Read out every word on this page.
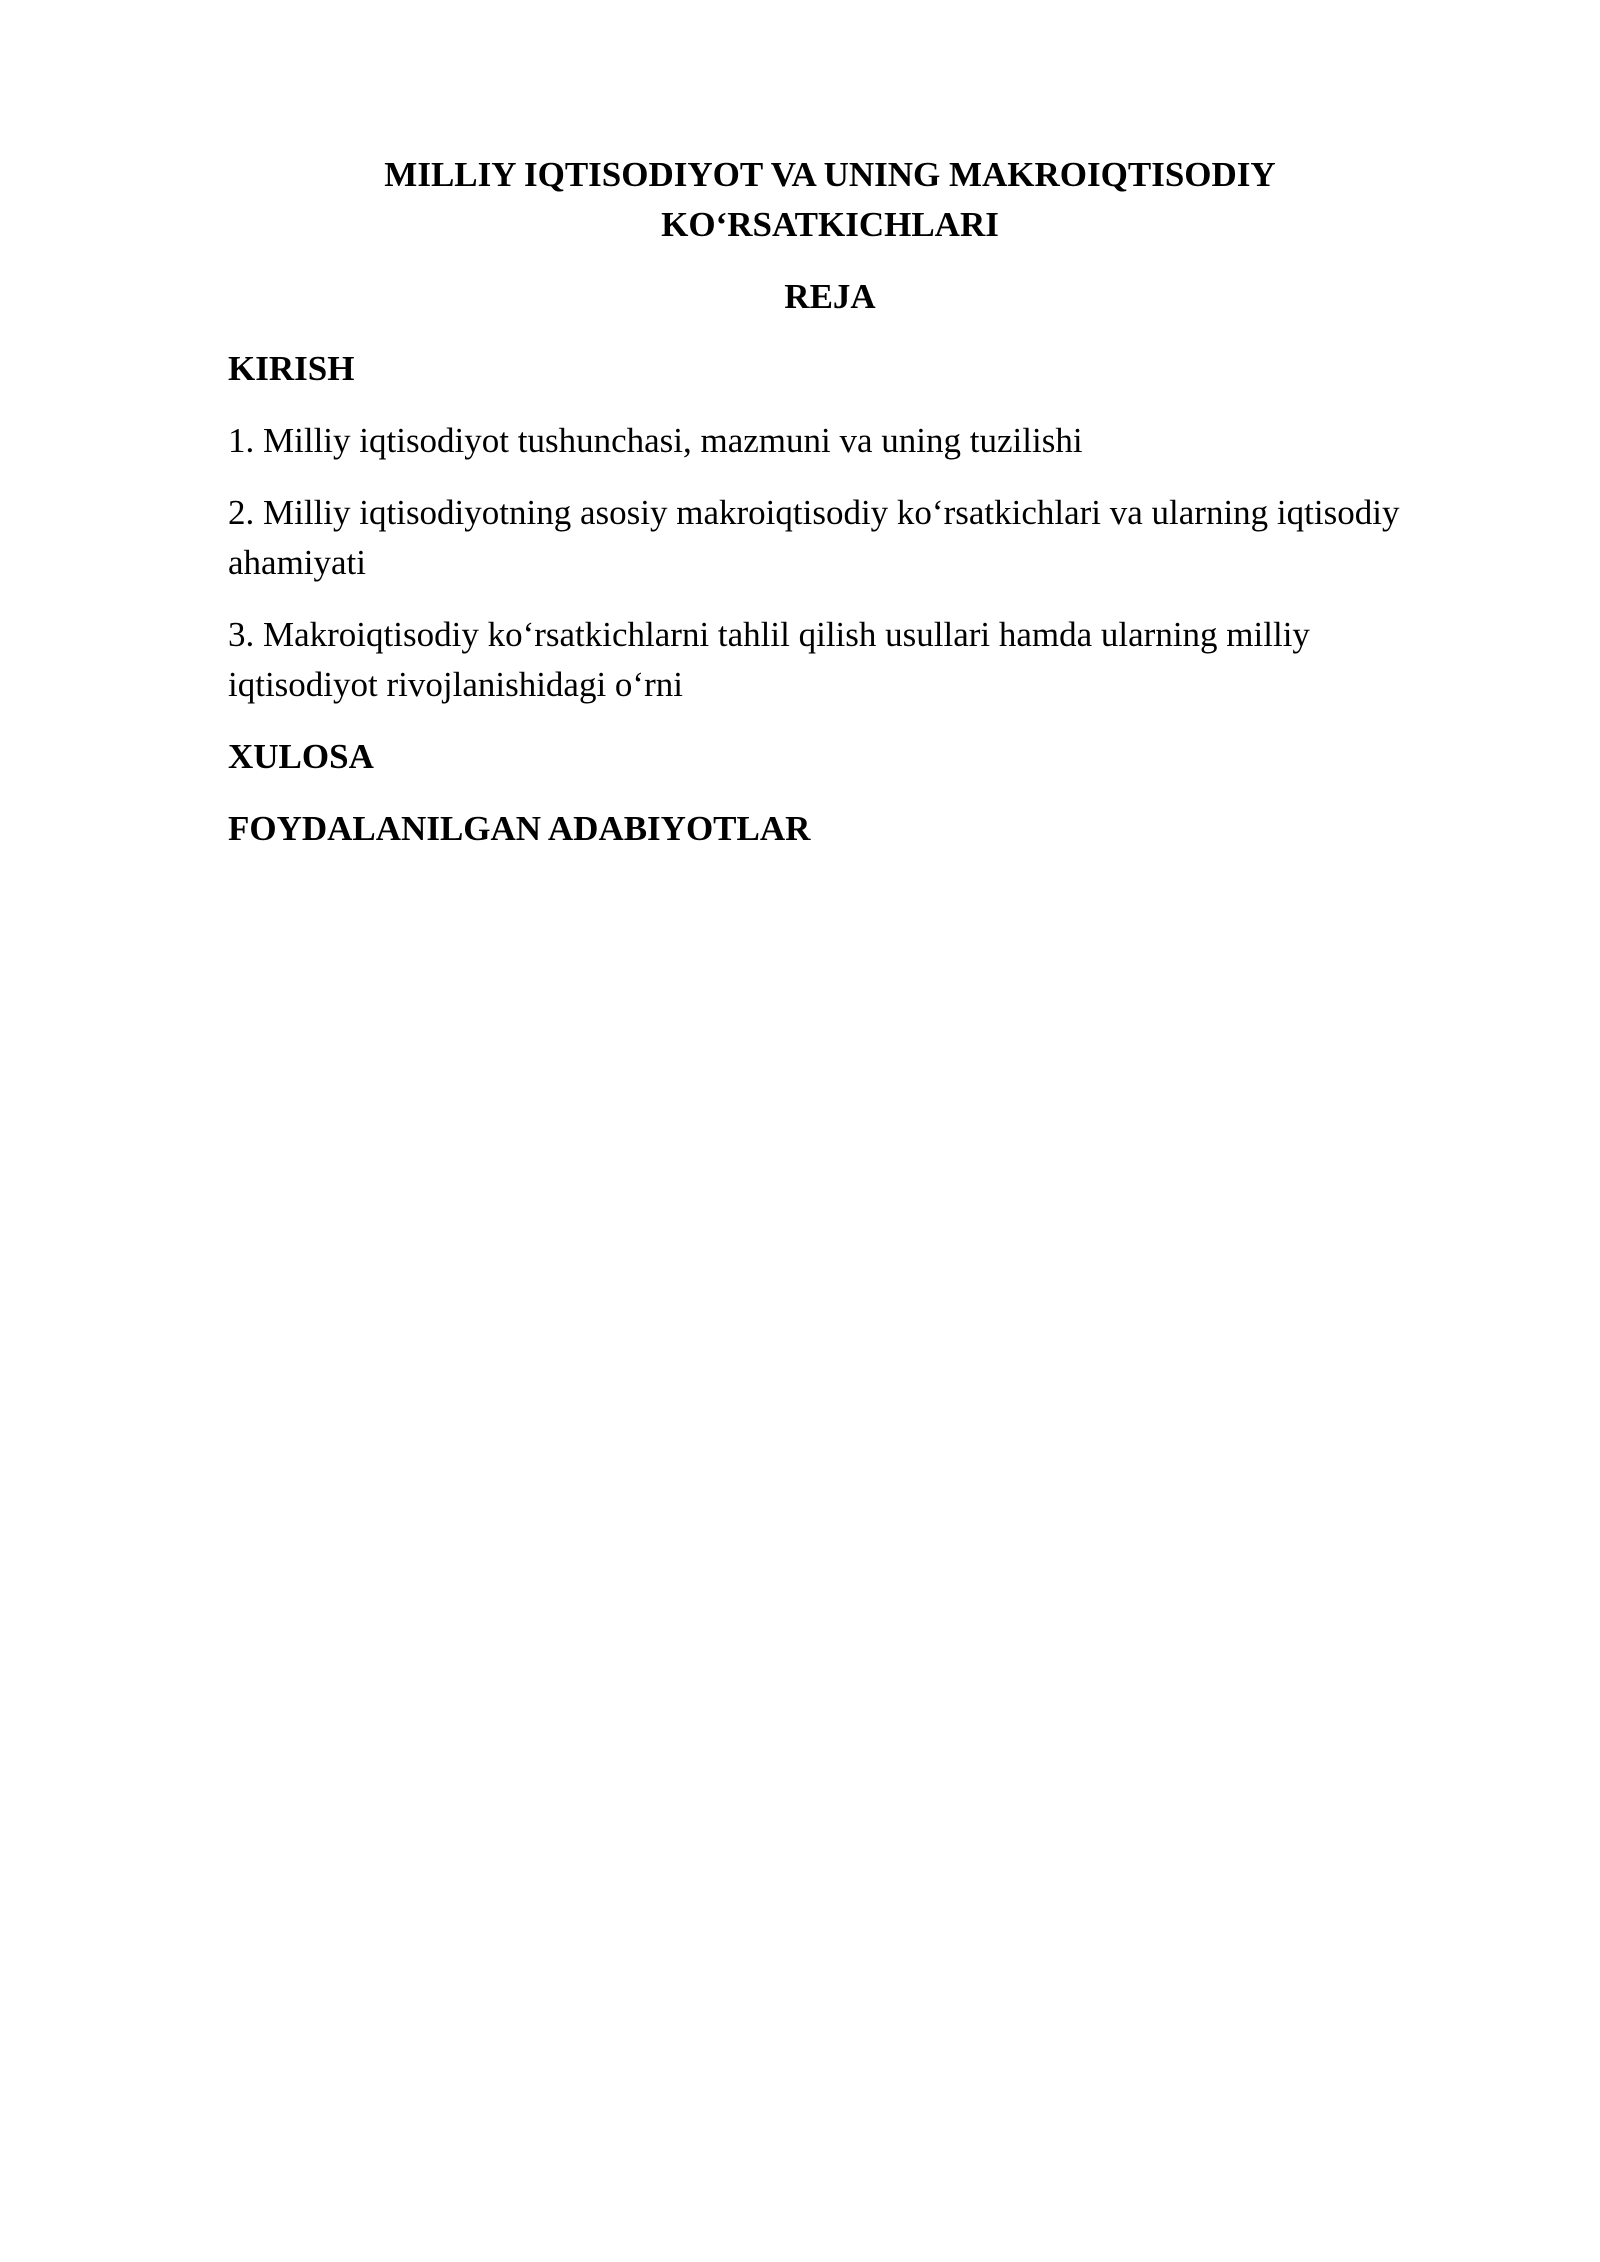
MILLIY IQTISODIYOT VA UNING MAKROIQTISODIY
KO‘RSATKICHLARI
REJA
KIRISH
1. Milliy iqtisodiyot tushunchasi, mazmuni va uning tuzilishi
2. Milliy iqtisodiyotning asosiy makroiqtisodiy ko‘rsatkichlari va ularning iqtisodiy ahamiyati
3. Makroiqtisodiy ko‘rsatkichlarni tahlil qilish usullari hamda ularning milliy iqtisodiyot rivojlanishidagi o‘rni
XULOSA
FOYDALANILGAN ADABIYOTLAR
